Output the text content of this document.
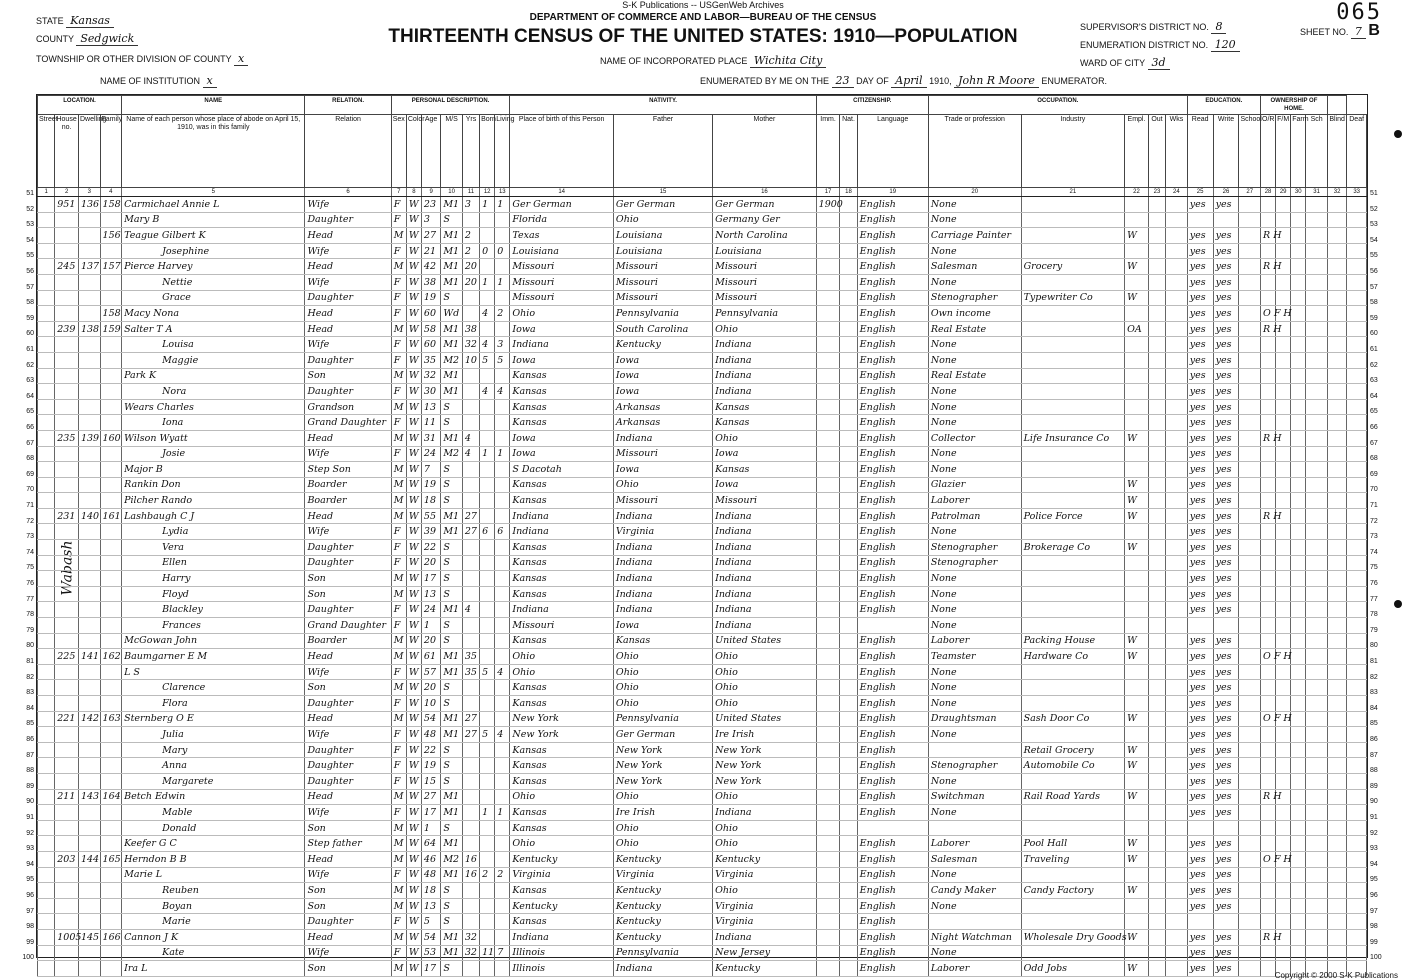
S-K Publications -- USGenWeb Archives	065
DEPARTMENT OF COMMERCE AND LABOR—BUREAU OF THE CENSUS
THIRTEENTH CENSUS OF THE UNITED STATES: 1910—POPULATION
STATE Kansas
COUNTY Sedgwick
TOWNSHIP OR OTHER DIVISION OF COUNTY x
NAME OF INSTITUTION x
NAME OF INCORPORATED PLACE Wichita City
ENUMERATED BY ME ON THE 23 DAY OF April 1910, John R Moore ENUMERATOR.
SUPERVISOR'S DISTRICT NO. 8
ENUMERATION DISTRICT NO. 120
WARD OF CITY 3d
SHEET NO. 7 B
Wabash
LOCATION.				NAME	RELATION.	PERSONAL DESCRIPTION.							NATIVITY.			CITIZENSHIP.			OCCUPATION.					EDUCATION.			OWNERSHIP OF HOME.					
Street	House no.	Dwelling	Family	Name of each person whose place of abode on April 15, 1910, was in this family	Relation	Sex	Color	Age	M/S	Yrs	Born	Living	Place of birth of this Person	Father	Mother	Imm.	Nat.	Language	Trade or profession	Industry	Empl.	Out	Wks	Read	Write	School	O/R	F/M	Farm	Sch	Blind	Deaf
1	2	3	4	5	6	7	8	9	10	11	12	13	14	15	16	17	18	19	20	21	22	23	24	25	26	27	28	29	30	31	32	33
	951	136	158	Carmichael Annie L	Wife	F	W	23	M1	3	1	1	Ger German	Ger German	Ger German	1900		English	None					yes	yes							
				Mary B	Daughter	F	W	3	S				Florida	Ohio	Germany Ger			English	None													
			156	Teague Gilbert K	Head	M	W	27	M1	2			Texas	Louisiana	North Carolina			English	Carriage Painter		W			yes	yes		R H					
				Josephine	Wife	F	W	21	M1	2	0	0	Louisiana	Louisiana	Louisiana			English	None					yes	yes							
	245	137	157	Pierce Harvey	Head	M	W	42	M1	20			Missouri	Missouri	Missouri			English	Salesman	Grocery	W			yes	yes		R H					
				Nettie	Wife	F	W	38	M1	20	1	1	Missouri	Missouri	Missouri			English	None					yes	yes							
				Grace	Daughter	F	W	19	S				Missouri	Missouri	Missouri			English	Stenographer	Typewriter Co	W			yes	yes							
			158	Macy Nona	Head	F	W	60	Wd		4	2	Ohio	Pennsylvania	Pennsylvania			English	Own income					yes	yes		O F H					
	239	138	159	Salter T A	Head	M	W	58	M1	38			Iowa	South Carolina	Ohio			English	Real Estate		OA			yes	yes		R H					
				Louisa	Wife	F	W	60	M1	32	4	3	Indiana	Kentucky	Indiana			English	None					yes	yes							
				Maggie	Daughter	F	W	35	M2	10	5	5	Iowa	Iowa	Indiana			English	None					yes	yes							
				Park K	Son	M	W	32	M1				Kansas	Iowa	Indiana			English	Real Estate					yes	yes							
				Nora	Daughter	F	W	30	M1		4	4	Kansas	Iowa	Indiana			English	None					yes	yes							
				Wears Charles	Grandson	M	W	13	S				Kansas	Arkansas	Kansas			English	None					yes	yes							
				Iona	Grand Daughter	F	W	11	S				Kansas	Arkansas	Kansas			English	None					yes	yes							
	235	139	160	Wilson Wyatt	Head	M	W	31	M1	4			Iowa	Indiana	Ohio			English	Collector	Life Insurance Co	W			yes	yes		R H					
				Josie	Wife	F	W	24	M2	4	1	1	Iowa	Missouri	Iowa			English	None					yes	yes							
				Major B	Step Son	M	W	7	S				S Dacotah	Iowa	Kansas			English	None					yes	yes							
				Rankin Don	Boarder	M	W	19	S				Kansas	Ohio	Iowa			English	Glazier		W			yes	yes							
				Pilcher Rando	Boarder	M	W	18	S				Kansas	Missouri	Missouri			English	Laborer		W			yes	yes							
	231	140	161	Lashbaugh C J	Head	M	W	55	M1	27			Indiana	Indiana	Indiana			English	Patrolman	Police Force	W			yes	yes		R H					
				Lydia	Wife	F	W	39	M1	27	6	6	Indiana	Virginia	Indiana			English	None					yes	yes							
				Vera	Daughter	F	W	22	S				Kansas	Indiana	Indiana			English	Stenographer	Brokerage Co	W			yes	yes							
				Ellen	Daughter	F	W	20	S				Kansas	Indiana	Indiana			English	Stenographer					yes	yes							
				Harry	Son	M	W	17	S				Kansas	Indiana	Indiana			English	None					yes	yes							
				Floyd	Son	M	W	13	S				Kansas	Indiana	Indiana			English	None					yes	yes							
				Blackley	Daughter	F	W	24	M1	4			Indiana	Indiana	Indiana			English	None					yes	yes							
				Frances	Grand Daughter	F	W	1	S				Missouri	Iowa	Indiana				None													
				McGowan John	Boarder	M	W	20	S				Kansas	Kansas	United States			English	Laborer	Packing House	W			yes	yes							
	225	141	162	Baumgarner E M	Head	M	W	61	M1	35			Ohio	Ohio	Ohio			English	Teamster	Hardware Co	W			yes	yes		O F H					
				L S	Wife	F	W	57	M1	35	5	4	Ohio	Ohio	Ohio			English	None					yes	yes							
				Clarence	Son	M	W	20	S				Kansas	Ohio	Ohio			English	None					yes	yes							
				Flora	Daughter	F	W	10	S				Kansas	Ohio	Ohio			English	None					yes	yes							
	221	142	163	Sternberg O E	Head	M	W	54	M1	27			New York	Pennsylvania	United States			English	Draughtsman	Sash Door Co	W			yes	yes		O F H					
				Julia	Wife	F	W	48	M1	27	5	4	New York	Ger German	Ire Irish			English	None					yes	yes							
				Mary	Daughter	F	W	22	S				Kansas	New York	New York			English		Retail Grocery	W			yes	yes							
				Anna	Daughter	F	W	19	S				Kansas	New York	New York			English	Stenographer	Automobile Co	W			yes	yes							
				Margarete	Daughter	F	W	15	S				Kansas	New York	New York			English	None					yes	yes							
	211	143	164	Betch Edwin	Head	M	W	27	M1				Ohio	Ohio	Ohio			English	Switchman	Rail Road Yards	W			yes	yes		R H					
				Mable	Wife	F	W	17	M1		1	1	Kansas	Ire Irish	Indiana			English	None					yes	yes							
				Donald	Son	M	W	1	S				Kansas	Ohio	Ohio																	
				Keefer G C	Step father	M	W	64	M1				Ohio	Ohio	Ohio			English	Laborer	Pool Hall	W			yes	yes							
	203	144	165	Herndon B B	Head	M	W	46	M2	16			Kentucky	Kentucky	Kentucky			English	Salesman	Traveling	W			yes	yes		O F H					
				Marie L	Wife	F	W	48	M1	16	2	2	Virginia	Virginia	Virginia			English	None					yes	yes							
				Reuben	Son	M	W	18	S				Kansas	Kentucky	Ohio			English	Candy Maker	Candy Factory	W			yes	yes							
				Boyan	Son	M	W	13	S				Kentucky	Kentucky	Virginia			English	None					yes	yes							
				Marie	Daughter	F	W	5	S				Kansas	Kentucky	Virginia			English														
	1005	145	166	Cannon J K	Head	M	W	54	M1	32			Indiana	Kentucky	Indiana			English	Night Watchman	Wholesale Dry Goods	W			yes	yes		R H					
				Kate	Wife	F	W	53	M1	32	11	7	Illinois	Pennsylvania	New Jersey			English	None					yes	yes							
				Ira L	Son	M	W	17	S				Illinois	Indiana	Kentucky			English	Laborer	Odd Jobs	W			yes	yes							
51
52
53
54
55
56
57
58
59
60
61
62
63
64
65
66
67
68
69
70
71
72
73
74
75
76
77
78
79
80
81
82
83
84
85
86
87
88
89
90
91
92
93
94
95
96
97
98
99
100
51
52
53
54
55
56
57
58
59
60
61
62
63
64
65
66
67
68
69
70
71
72
73
74
75
76
77
78
79
80
81
82
83
84
85
86
87
88
89
90
91
92
93
94
95
96
97
98
99
100
Copyright © 2000 S-K Publications
